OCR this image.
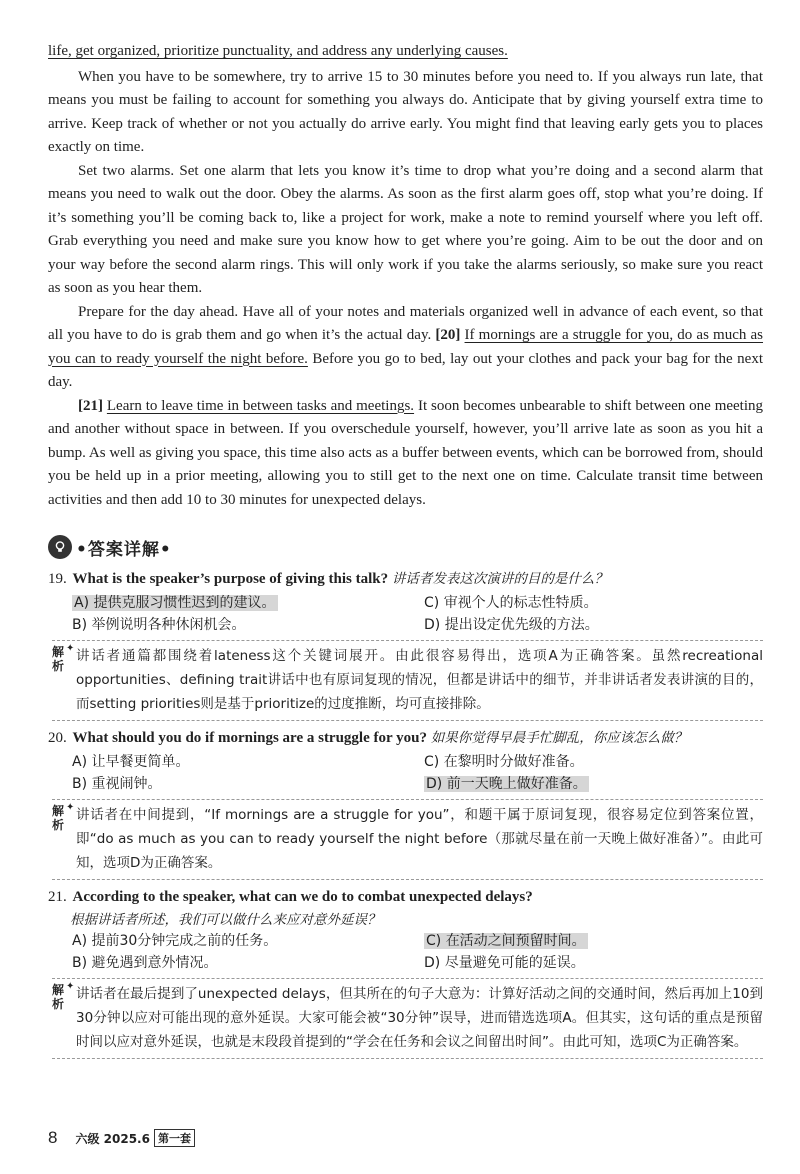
life, get organized, prioritize punctuality, and address any underlying causes.

When you have to be somewhere, try to arrive 15 to 30 minutes before you need to. If you always run late, that means you must be failing to account for something you always do. Anticipate that by giving yourself extra time to arrive. Keep track of whether or not you actually do arrive early. You might find that leaving early gets you to places exactly on time.

Set two alarms. Set one alarm that lets you know it’s time to drop what you’re doing and a second alarm that means you need to walk out the door. Obey the alarms. As soon as the first alarm goes off, stop what you’re doing. If it’s something you’ll be coming back to, like a project for work, make a note to remind yourself where you left off. Grab everything you need and make sure you know how to get where you’re going. Aim to be out the door and on your way before the second alarm rings. This will only work if you take the alarms seriously, so make sure you react as soon as you hear them.

Prepare for the day ahead. Have all of your notes and materials organized well in advance of each event, so that all you have to do is grab them and go when it’s the actual day. [20] If mornings are a struggle for you, do as much as you can to ready yourself the night before. Before you go to bed, lay out your clothes and pack your bag for the next day.

[21] Learn to leave time in between tasks and meetings. It soon becomes unbearable to shift between one meeting and another without space in between. If you overschedule yourself, however, you’ll arrive late as soon as you hit a bump. As well as giving you space, this time also acts as a buffer between events, which can be borrowed from, should you be held up in a prior meeting, allowing you to still get to the next one on time. Calculate transit time between activities and then add 10 to 30 minutes for unexpected delays.

•答案详解•
19. What is the speaker’s purpose of giving this talk? 讲话者发表这次演讲的目的是什么？
A) 提供克服习惯性迟到的建议。	C) 审视个人的标志性特质。
B) 举例说明各种休闲机会。	D) 提出设定优先级的方法。
解析
✦ 讲话者通篇都围绕着lateness这个关键词展开。由此很容易得出，选项A为正确答案。虽然recreational opportunities、defining trait讲话中也有原词复现的情况，但都是讲话中的细节，并非讲话者发表讲演的目的，而setting priorities则是基于prioritize的过度推断，均可直接排除。
20. What should you do if mornings are a struggle for you? 如果你觉得早晨手忙脚乱，你应该怎么做？
A) 让早餐更简单。	C) 在黎明时分做好准备。
B) 重视闹钟。	D) 前一天晚上做好准备。
解析
✦ 讲话者在中间提到，“If mornings are a struggle for you”，和题干属于原词复现，很容易定位到答案位置，即“do as much as you can to ready yourself the night before（那就尽量在前一天晚上做好准备）”。由此可知，选项D为正确答案。
21. According to the speaker, what can we do to combat unexpected delays?
根据讲话者所述，我们可以做什么来应对意外延误？
A) 提前30分钟完成之前的任务。	C) 在活动之间预留时间。
B) 避免遇到意外情况。	D) 尽量避免可能的延误。
解析
✦ 讲话者在最后提到了unexpected delays，但其所在的句子大意为：计算好活动之间的交通时间，然后再加上10到30分钟以应对可能出现的意外延误。大家可能会被“30分钟”误导，进而错选选项A。但其实，这句话的重点是预留时间以应对意外延误，也就是末段段首提到的“学会在任务和会议之间留出时间”。由此可知，选项C为正确答案。
8 六级 2025.6 第一套
